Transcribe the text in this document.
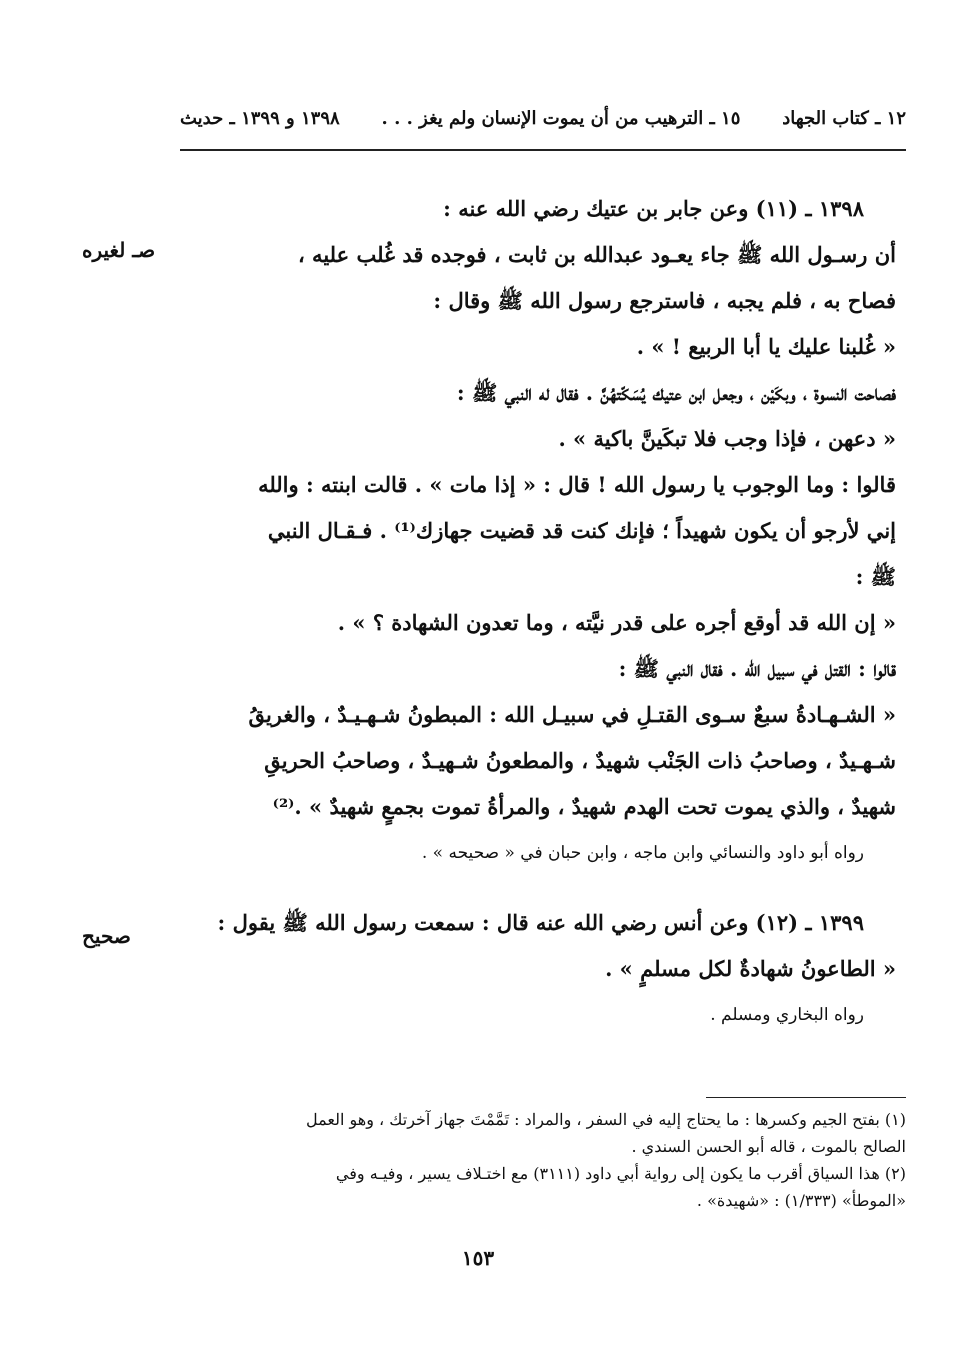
١٢ ـ كتاب الجهاد
١٥ ـ الترهيب من أن يموت الإنسان ولم يغز . . .
١٣٩٨ و ١٣٩٩ ـ حديث
صـ لغيره
صحيح
١٣٩٨ ـ (١١) وعن جابر بن عتيك رضي الله عنه :
أن رسـول الله ﷺ جاء يعـود عبدالله بن ثابت ، فوجده قد غُلب عليه ،
فصاح به ، فلم يجبه ، فاسترجع رسول الله ﷺ وقال :
« غُلبنا عليك يا أبا الربيع ! » .
فصاحت النسوة ، وبكَيْن ، وجعل ابن عتيك يُسَكّتهُنَّ . فقال له النبي ﷺ :
« دعهن ، فإذا وجب فلا تبكَينَّ باكية » .
قالوا : وما الوجوب يا رسول الله ! قال : « إذا مات » . قالت ابنته : والله
إني لأرجو أن يكون شهيداً ؛ فإنك كنت قد قضيت جهازك⁽¹⁾ . فـقـال النبي
ﷺ :
« إن الله قد أوقع أجره على قدر نيَّته ، وما تعدون الشهادة ؟ » .
قالوا : القتل في سبيل الله . فقال النبي ﷺ :
« الشـهـادةُ سبعٌ سـوى القتـلِ في سبيـل الله : المبطونُ شـهـيـدٌ ، والغريقُ
شـهـيدٌ ، وصاحبُ ذات الجَنْب شهيدٌ ، والمطعونُ شـهيـدٌ ، وصاحبُ الحريقِ
شهيدٌ ، والذي يموت تحت الهدم شهيدٌ ، والمرأةُ تموت بجمعٍ شهيدٌ » .⁽²⁾
رواه أبو داود والنسائي وابن ماجه ، وابن حبان في « صحيحه » .
١٣٩٩ ـ (١٢) وعن أنس رضي الله عنه قال : سمعت رسول الله ﷺ يقول :
« الطاعونُ شهادةٌ لكل مسلمٍ » .
رواه البخاري ومسلم .
(١) بفتح الجيم وكسرها : ما يحتاج إليه في السفر ، والمراد : تَمَّمْتَ جهاز آخرتك ، وهو العمل
الصالح بالموت ، قاله أبو الحسن السندي .
(٢) هذا السياق أقرب ما يكون إلى رواية أبي داود (٣١١١) مع اختـلاف يسير ، وفيـه وفي
«الموطأ» (١/٣٣٣) : «شهيدة» .
١٥٣
